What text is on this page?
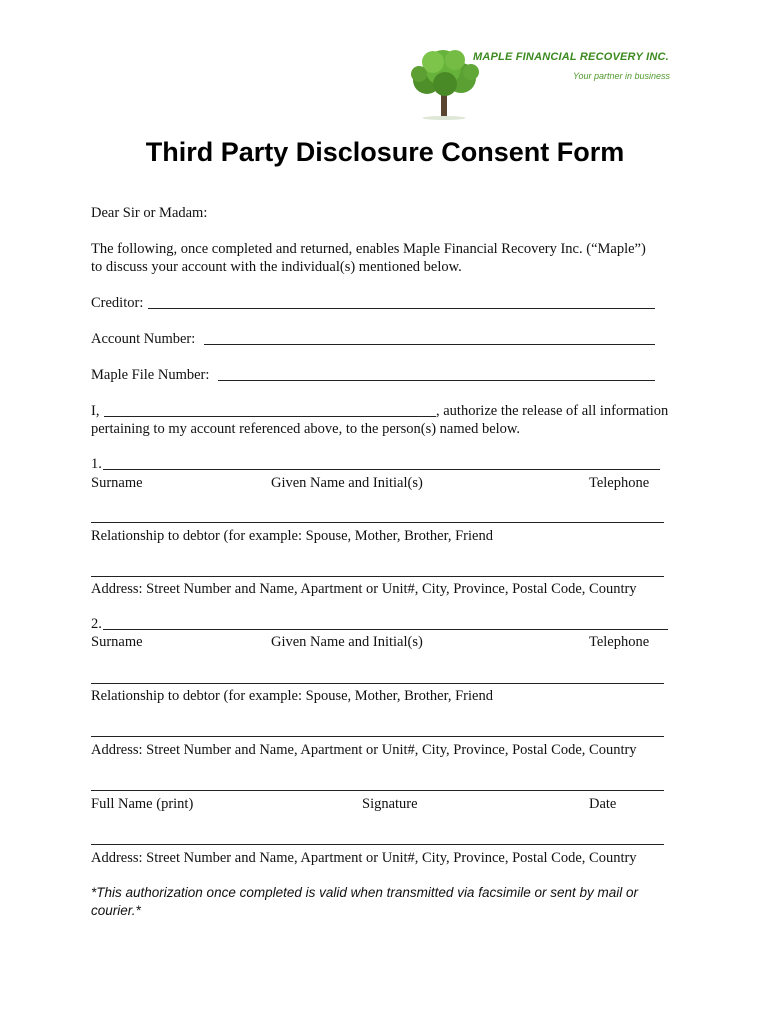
MAPLE FINANCIAL RECOVERY INC.
Your partner in business
Third Party Disclosure Consent Form
Dear Sir or Madam:
The following, once completed and returned, enables Maple Financial Recovery Inc. (“Maple”)
to discuss your account with the individual(s) mentioned below.
Creditor:
Account Number:
Maple File Number:
I,	, authorize the release of all information
pertaining to my account referenced above, to the person(s) named below.
1.
Surname	Given Name and Initial(s)	Telephone
Relationship to debtor (for example: Spouse, Mother, Brother, Friend
Address: Street Number and Name, Apartment or Unit#, City, Province, Postal Code, Country
2.
Surname	Given Name and Initial(s)	Telephone
Relationship to debtor (for example: Spouse, Mother, Brother, Friend
Address: Street Number and Name, Apartment or Unit#, City, Province, Postal Code, Country
Full Name (print)	Signature	Date
Address: Street Number and Name, Apartment or Unit#, City, Province, Postal Code, Country
*This authorization once completed is valid when transmitted via facsimile or sent by mail or
courier.*
